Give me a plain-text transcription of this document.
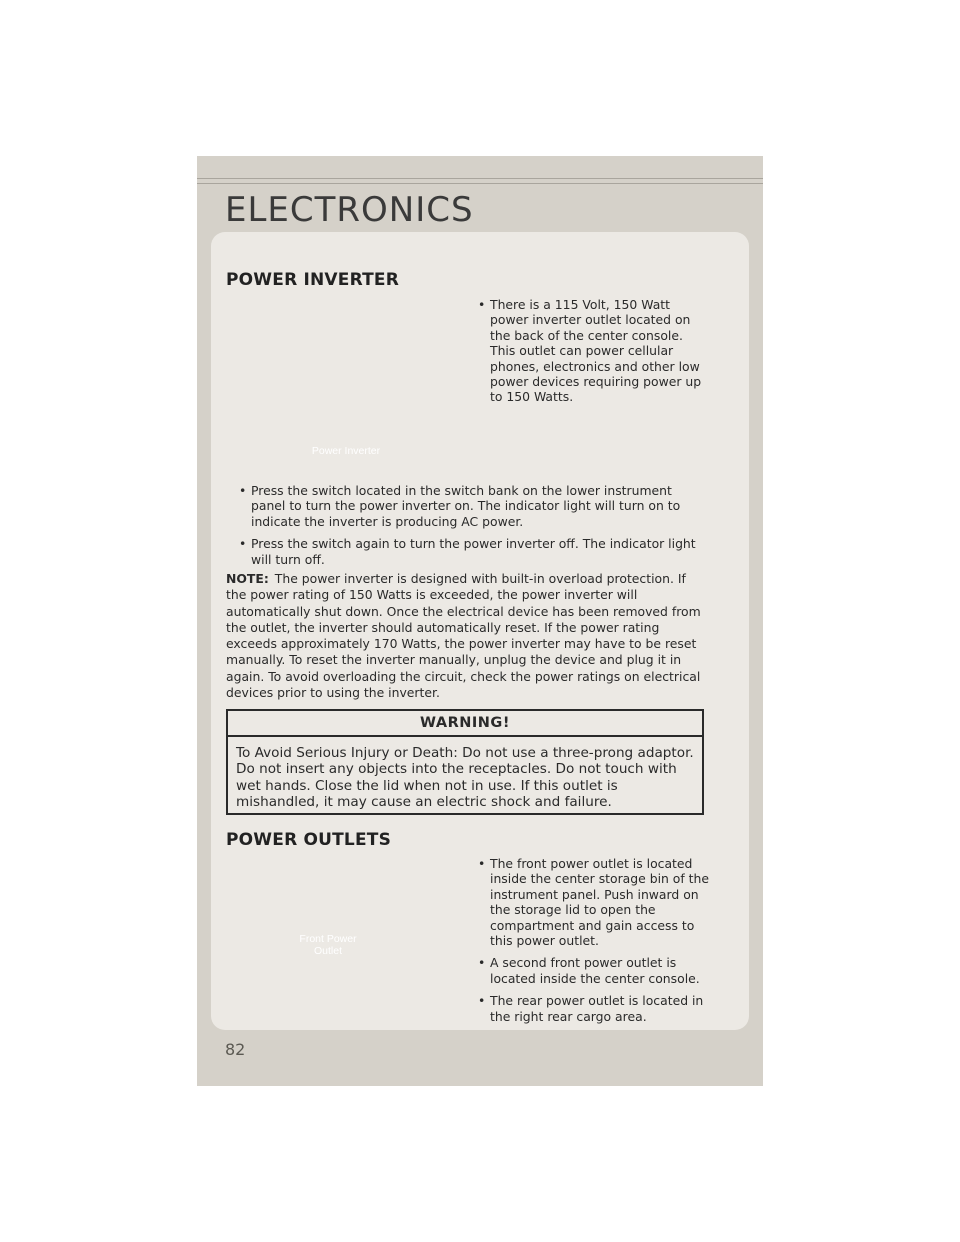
ELECTRONICS
82
POWER INVERTER
Power Inverter
• There is a 115 Volt, 150 Watt power inverter outlet located on the back of the center console. This outlet can power cellular phones, electronics and other low power devices requiring power up to 150 Watts.
• Press the switch located in the switch bank on the lower instrument panel to turn the power inverter on. The indicator light will turn on to indicate the inverter is producing AC power.
• Press the switch again to turn the power inverter off. The indicator light will turn off.

NOTE: The power inverter is designed with built-in overload protection. If the power rating of 150 Watts is exceeded, the power inverter will automatically shut down. Once the electrical device has been removed from the outlet, the inverter should automatically reset. If the power rating exceeds approximately 170 Watts, the power inverter may have to be reset manually. To reset the inverter manually, unplug the device and plug it in again. To avoid overloading the circuit, check the power ratings on electrical devices prior to using the inverter.

WARNING!
To Avoid Serious Injury or Death: Do not use a three-prong adaptor. Do not insert any objects into the receptacles. Do not touch with wet hands. Close the lid when not in use. If this outlet is mishandled, it may cause an electric shock and failure.
POWER OUTLETS
Front Power
Outlet
• The front power outlet is located inside the center storage bin of the instrument panel. Push inward on the storage lid to open the compartment and gain access to this power outlet.
• A second front power outlet is located inside the center console.
• The rear power outlet is located in the right rear cargo area.
